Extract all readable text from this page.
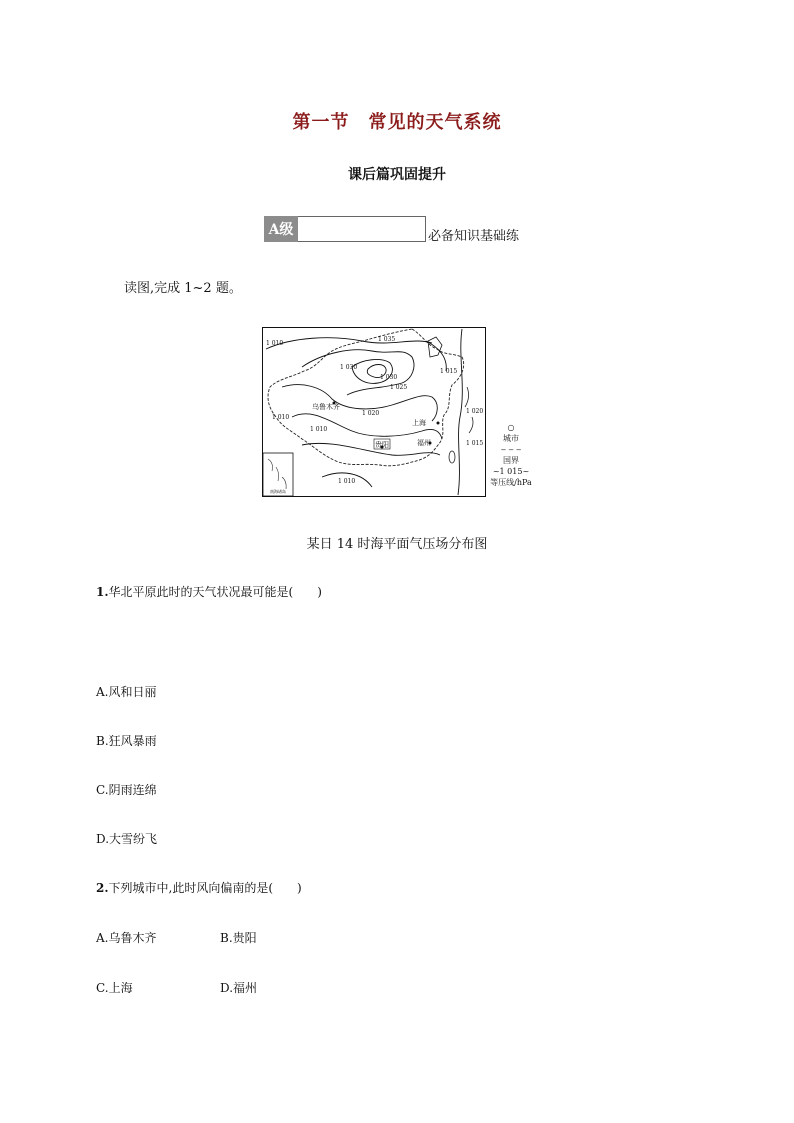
第一节　常见的天气系统
课后篇巩固提升
A级	必备知识基础练
读图,完成 1~2 题。
南海诸岛
1 010
1 035
1 030
1 030
1 025
1 020
1 015
1 020
1 015
1 010
1 010
1 010
乌鲁木齐
上海
贵阳	福州
○
城市
‒ ‒ ‒
国界
~1 015~
等压线/hPa
某日 14 时海平面气压场分布图
1.华北平原此时的天气状况最可能是(　　)
A.风和日丽
B.狂风暴雨
C.阴雨连绵
D.大雪纷飞
2.下列城市中,此时风向偏南的是(　　)
A.乌鲁木齐	B.贵阳
C.上海	D.福州
